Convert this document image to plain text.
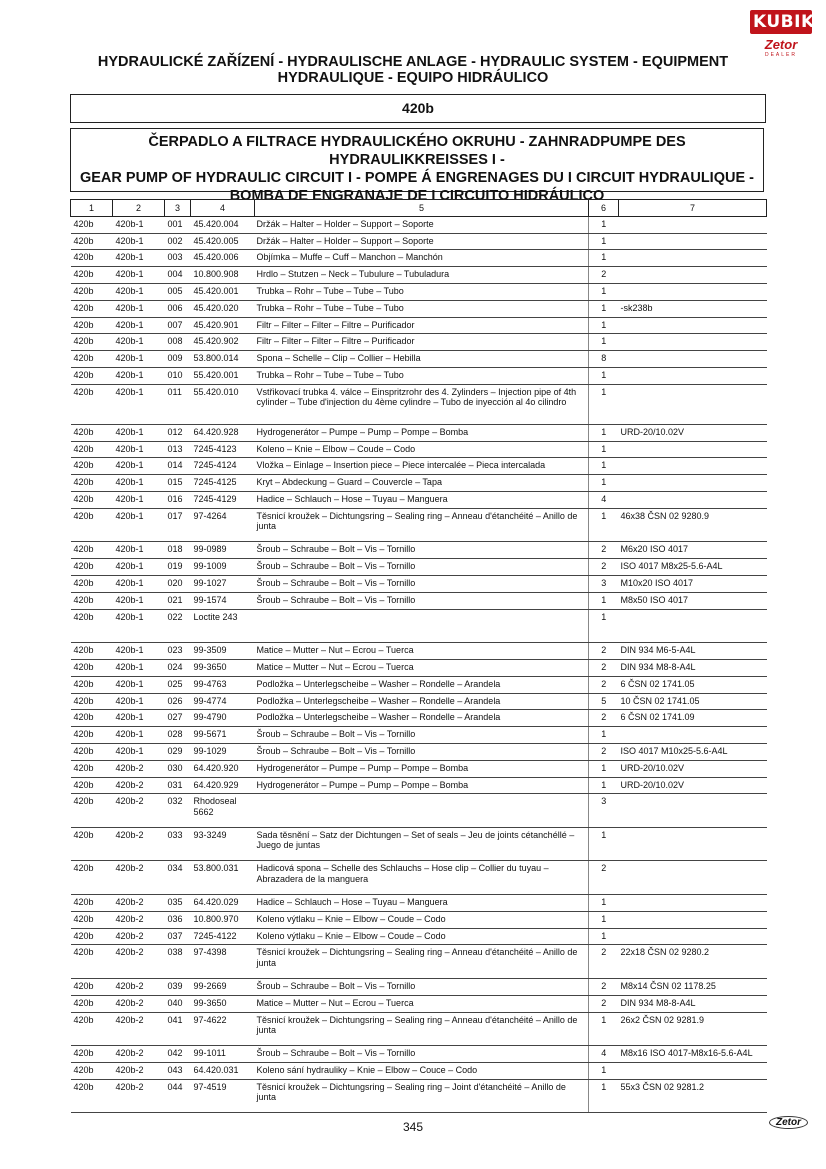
KUBIK
Zetor
DEALER
HYDRAULICKÉ ZAŘÍZENÍ - HYDRAULISCHE ANLAGE - HYDRAULIC SYSTEM - EQUIPMENT
HYDRAULIQUE - EQUIPO HIDRÁULICO
420b
ČERPADLO A FILTRACE HYDRAULICKÉHO OKRUHU - ZAHNRADPUMPE DES HYDRAULIKKREISSES I -
GEAR PUMP OF HYDRAULIC CIRCUIT I - POMPE Á ENGRENAGES DU I CIRCUIT HYDRAULIQUE -
BOMBA DE ENGRANAJE DE I CIRCUITO HIDRÁULICO
1	2	3	4	5	6	7
420b	420b-1	001	45.420.004	Držák – Halter – Holder – Support – Soporte	1	
420b	420b-1	002	45.420.005	Držák – Halter – Holder – Support – Soporte	1	
420b	420b-1	003	45.420.006	Objímka – Muffe – Cuff – Manchon – Manchón	1	
420b	420b-1	004	10.800.908	Hrdlo – Stutzen – Neck – Tubulure – Tubuladura	2	
420b	420b-1	005	45.420.001	Trubka – Rohr – Tube – Tube – Tubo	1	
420b	420b-1	006	45.420.020	Trubka – Rohr – Tube – Tube – Tubo	1	-sk238b
420b	420b-1	007	45.420.901	Filtr – Filter – Filter – Filtre – Purificador	1	
420b	420b-1	008	45.420.902	Filtr – Filter – Filter – Filtre – Purificador	1	
420b	420b-1	009	53.800.014	Spona – Schelle – Clip – Collier – Hebilla	8	
420b	420b-1	010	55.420.001	Trubka – Rohr – Tube – Tube – Tubo	1	
420b	420b-1	011	55.420.010	Vstřikovací trubka 4. válce – Einspritzrohr des 4. Zylinders – Injection pipe of 4th cylinder – Tube d'injection du 4ème cylindre – Tubo de inyección al 4o cilindro	1	
420b	420b-1	012	64.420.928	Hydrogenerátor – Pumpe – Pump – Pompe – Bomba	1	URD-20/10.02V
420b	420b-1	013	7245-4123	Koleno – Knie – Elbow – Coude – Codo	1	
420b	420b-1	014	7245-4124	Vložka – Einlage – Insertion piece – Piece intercalée – Pieca intercalada	1	
420b	420b-1	015	7245-4125	Kryt – Abdeckung – Guard – Couvercle – Tapa	1	
420b	420b-1	016	7245-4129	Hadice – Schlauch – Hose – Tuyau – Manguera	4	
420b	420b-1	017	97-4264	Těsnicí kroužek – Dichtungsring – Sealing ring – Anneau d'étanchéité – Anillo de junta	1	46x38 ČSN 02 9280.9
420b	420b-1	018	99-0989	Šroub – Schraube – Bolt – Vis – Tornillo	2	M6x20 ISO 4017
420b	420b-1	019	99-1009	Šroub – Schraube – Bolt – Vis – Tornillo	2	ISO 4017 M8x25-5.6-A4L
420b	420b-1	020	99-1027	Šroub – Schraube – Bolt – Vis – Tornillo	3	M10x20 ISO 4017
420b	420b-1	021	99-1574	Šroub – Schraube – Bolt – Vis – Tornillo	1	M8x50 ISO 4017
420b	420b-1	022	Loctite 243		1	
420b	420b-1	023	99-3509	Matice – Mutter – Nut – Ecrou – Tuerca	2	DIN 934 M6-5-A4L
420b	420b-1	024	99-3650	Matice – Mutter – Nut – Ecrou – Tuerca	2	DIN 934 M8-8-A4L
420b	420b-1	025	99-4763	Podložka – Unterlegscheibe – Washer – Rondelle – Arandela	2	6 ČSN 02 1741.05
420b	420b-1	026	99-4774	Podložka – Unterlegscheibe – Washer – Rondelle – Arandela	5	10 ČSN 02 1741.05
420b	420b-1	027	99-4790	Podložka – Unterlegscheibe – Washer – Rondelle – Arandela	2	6 ČSN 02 1741.09
420b	420b-1	028	99-5671	Šroub – Schraube – Bolt – Vis – Tornillo	1	
420b	420b-1	029	99-1029	Šroub – Schraube – Bolt – Vis – Tornillo	2	ISO 4017 M10x25-5.6-A4L
420b	420b-2	030	64.420.920	Hydrogenerátor – Pumpe – Pump – Pompe – Bomba	1	URD-20/10.02V
420b	420b-2	031	64.420.929	Hydrogenerátor – Pumpe – Pump – Pompe – Bomba	1	URD-20/10.02V
420b	420b-2	032	Rhodoseal 5662		3	
420b	420b-2	033	93-3249	Sada těsnění – Satz der Dichtungen – Set of seals – Jeu de joints cétanchéllé – Juego de juntas	1	
420b	420b-2	034	53.800.031	Hadicová spona – Schelle des Schlauchs – Hose clip – Collier du tuyau – Abrazadera de la manguera	2	
420b	420b-2	035	64.420.029	Hadice – Schlauch – Hose – Tuyau – Manguera	1	
420b	420b-2	036	10.800.970	Koleno výtlaku – Knie – Elbow – Coude – Codo	1	
420b	420b-2	037	7245-4122	Koleno výtlaku – Knie – Elbow – Coude – Codo	1	
420b	420b-2	038	97-4398	Těsnicí kroužek – Dichtungsring – Sealing ring – Anneau d'étanchéité – Anillo de junta	2	22x18 ČSN 02 9280.2
420b	420b-2	039	99-2669	Šroub – Schraube – Bolt – Vis – Tornillo	2	M8x14 ČSN 02 1178.25
420b	420b-2	040	99-3650	Matice – Mutter – Nut – Ecrou – Tuerca	2	DIN 934 M8-8-A4L
420b	420b-2	041	97-4622	Těsnicí kroužek – Dichtungsring – Sealing ring – Anneau d'étanchéité – Anillo de junta	1	26x2 ČSN 02 9281.9
420b	420b-2	042	99-1011	Šroub – Schraube – Bolt – Vis – Tornillo	4	M8x16 ISO 4017-M8x16-5.6-A4L
420b	420b-2	043	64.420.031	Koleno sání hydrauliky – Knie – Elbow – Couce – Codo	1	
420b	420b-2	044	97-4519	Těsnicí kroužek – Dichtungsring – Sealing ring – Joint d'étanchéité – Anillo de junta	1	55x3 ČSN 02 9281.2
345	Zetor
